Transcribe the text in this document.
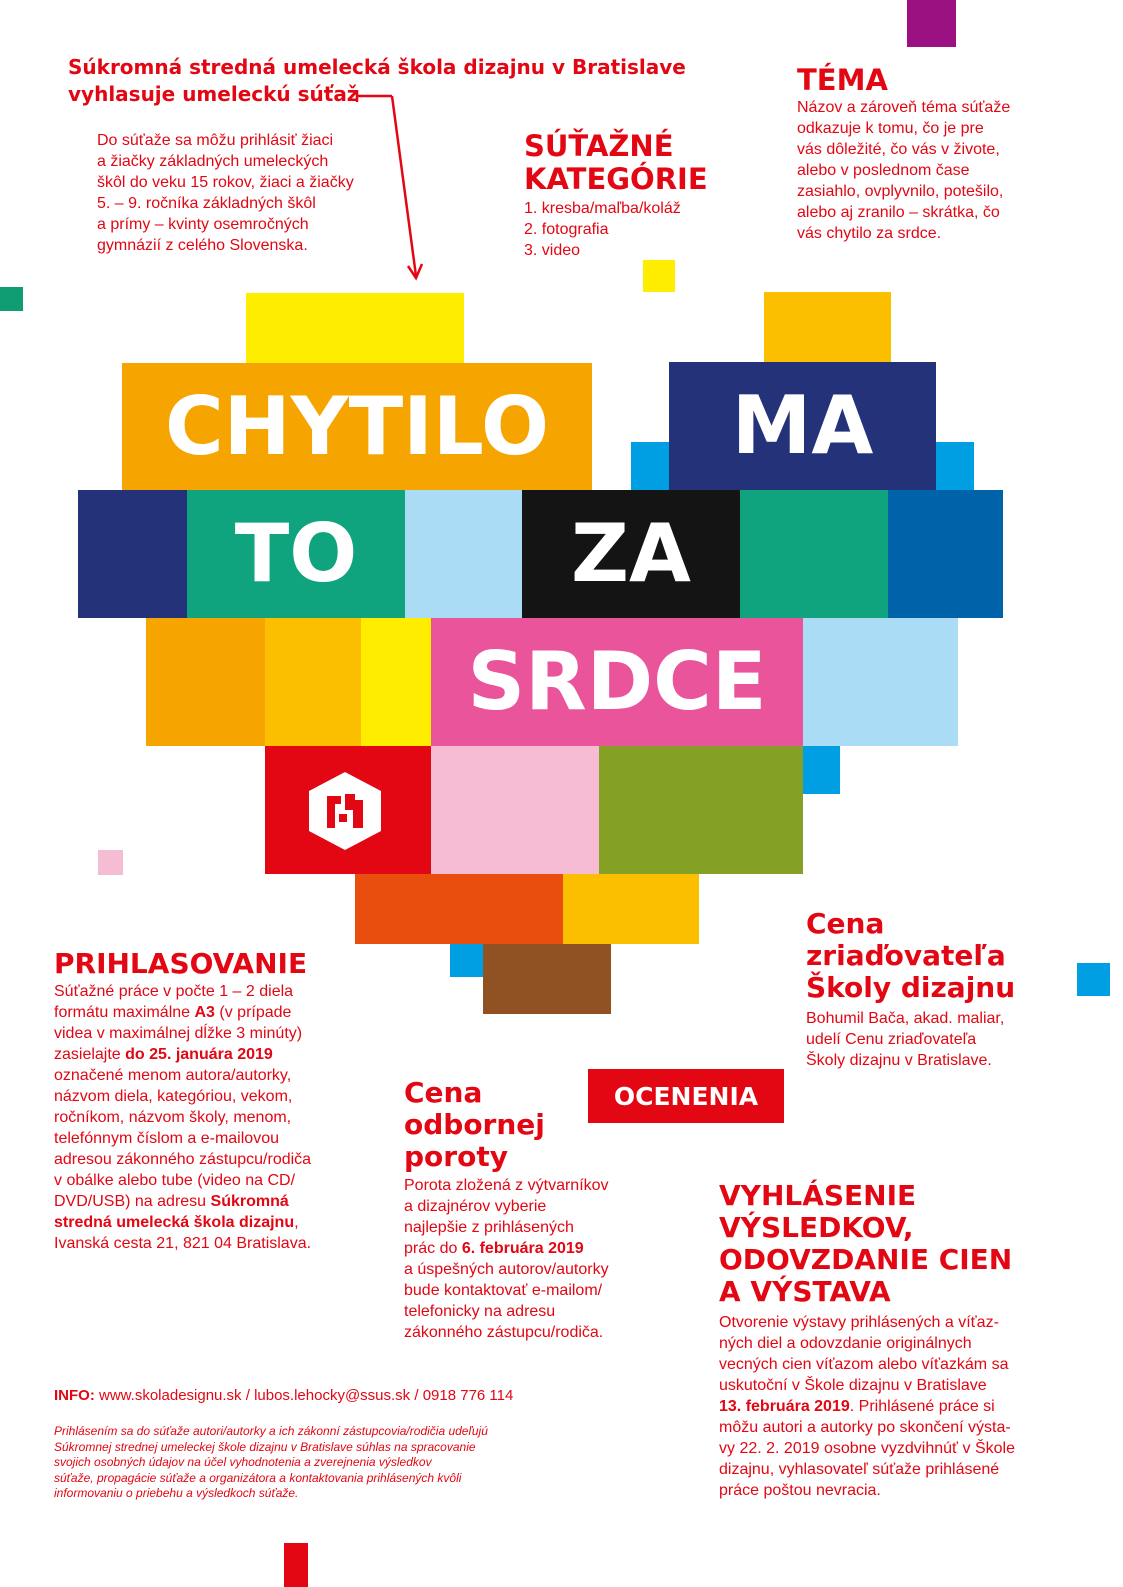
Súkromná stredná umelecká škola dizajnu v Bratislave
vyhlasuje umeleckú súťaž
Do súťaže sa môžu prihlásiť žiaci
a žiačky základných umeleckých
škôl do veku 15 rokov, žiaci a žiačky
5. – 9. ročníka základných škôl
a prímy – kvinty osemročných
gymnázií z celého Slovenska.
SÚŤAŽNÉ
KATEGÓRIE
1. kresba/maľba/koláž
2. fotografia
3. video
TÉMA
Názov a zároveň téma súťaže
odkazuje k tomu, čo je pre
vás dôležité, čo vás v živote,
alebo v poslednom čase
zasiahlo, ovplyvnilo, potešilo,
alebo aj zranilo – skrátka, čo
vás chytilo za srdce.
CHYTILO	MA
TO	ZA
SRDCE
PRIHLASOVANIE
Súťažné práce v počte 1 – 2 diela
formátu maximálne A3 (v prípade
videa v maximálnej dĺžke 3 minúty)
zasielajte do 25. januára 2019
označené menom autora/autorky,
názvom diela, kategóriou, vekom,
ročníkom, názvom školy, menom,
telefónnym číslom a e-mailovou
adresou zákonného zástupcu/rodiča
v obálke alebo tube (video na CD/
DVD/USB) na adresu Súkromná
stredná umelecká škola dizajnu,
Ivanská cesta 21, 821 04 Bratislava.
OCENENIA
Cena
odbornej
poroty
Porota zložená z výtvarníkov
a dizajnérov vyberie
najlepšie z prihlásených
prác do 6. februára 2019
a úspešných autorov/autorky
bude kontaktovať e-mailom/
telefonicky na adresu
zákonného zástupcu/rodiča.
Cena
zriaďovateľa
Školy dizajnu
Bohumil Bača, akad. maliar,
udelí Cenu zriaďovateľa
Školy dizajnu v Bratislave.
VYHLÁSENIE
VÝSLEDKOV,
ODOVZDANIE CIEN
A VÝSTAVA
Otvorenie výstavy prihlásených a víťaz-
ných diel a odovzdanie originálnych
vecných cien víťazom alebo víťazkám sa
uskutoční v Škole dizajnu v Bratislave
13. februára 2019. Prihlásené práce si
môžu autori a autorky po skončení výsta-
vy 22. 2. 2019 osobne vyzdvihnúť v Škole
dizajnu, vyhlasovateľ súťaže prihlásené
práce poštou nevracia.
INFO: www.skoladesignu.sk / lubos.lehocky@ssus.sk / 0918 776 114
Prihlásením sa do súťaže autori/autorky a ich zákonní zástupcovia/rodičia udeľujú
Súkromnej strednej umeleckej škole dizajnu v Bratislave súhlas na spracovanie
svojich osobných údajov na účel vyhodnotenia a zverejnenia výsledkov
súťaže, propagácie súťaže a organizátora a kontaktovania prihlásených kvôli
informovaniu o priebehu a výsledkoch súťaže.
